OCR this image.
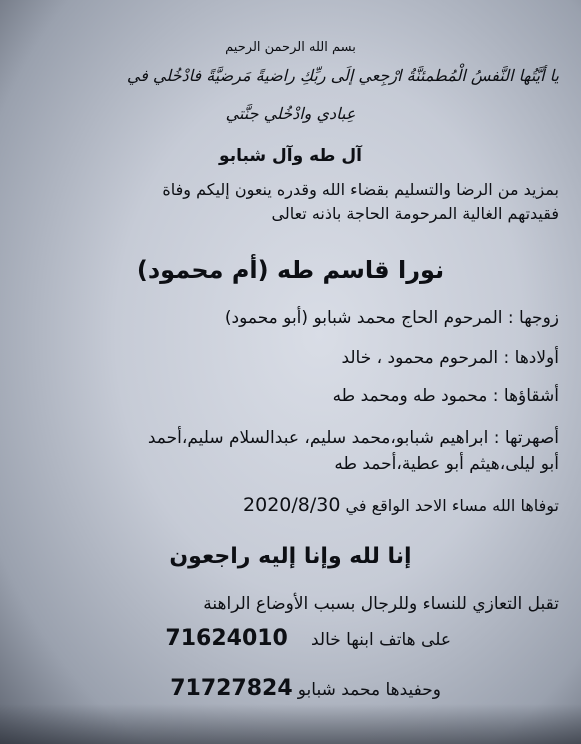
بسم الله الرحمن الرحيم
يا أيَّتُها النَّفسُ الْمُطمئنَّةُ ارْجِعي إلَى ربِّكِ راضيةً مَرضيَّةً فادْخُلي في
عِبادي وادْخُلي جنَّتي
آل طه وآل شبابو
بمزيد من الرضا والتسليم بقضاء الله وقدره ينعون إليكم وفاة
فقيدتهم الغالية المرحومة الحاجة باذنه تعالى
نورا قاسم طه (أم محمود)
زوجها : المرحوم الحاج محمد شبابو (أبو محمود)
أولادها : المرحوم محمود ، خالد
أشقاؤها : محمود طه ومحمد طه
أصهرتها : ابراهيم شبابو،محمد سليم، عبدالسلام سليم،أحمد
أبو ليلى،هيثم أبو عطية،أحمد طه
توفاها الله مساء الاحد الواقع في 2020/8/30
إنا لله وإنا إليه راجعون
تقبل التعازي للنساء وللرجال بسبب الأوضاع الراهنة
على هاتف ابنها خالد 71624010
وحفيدها محمد شبابو 71727824
